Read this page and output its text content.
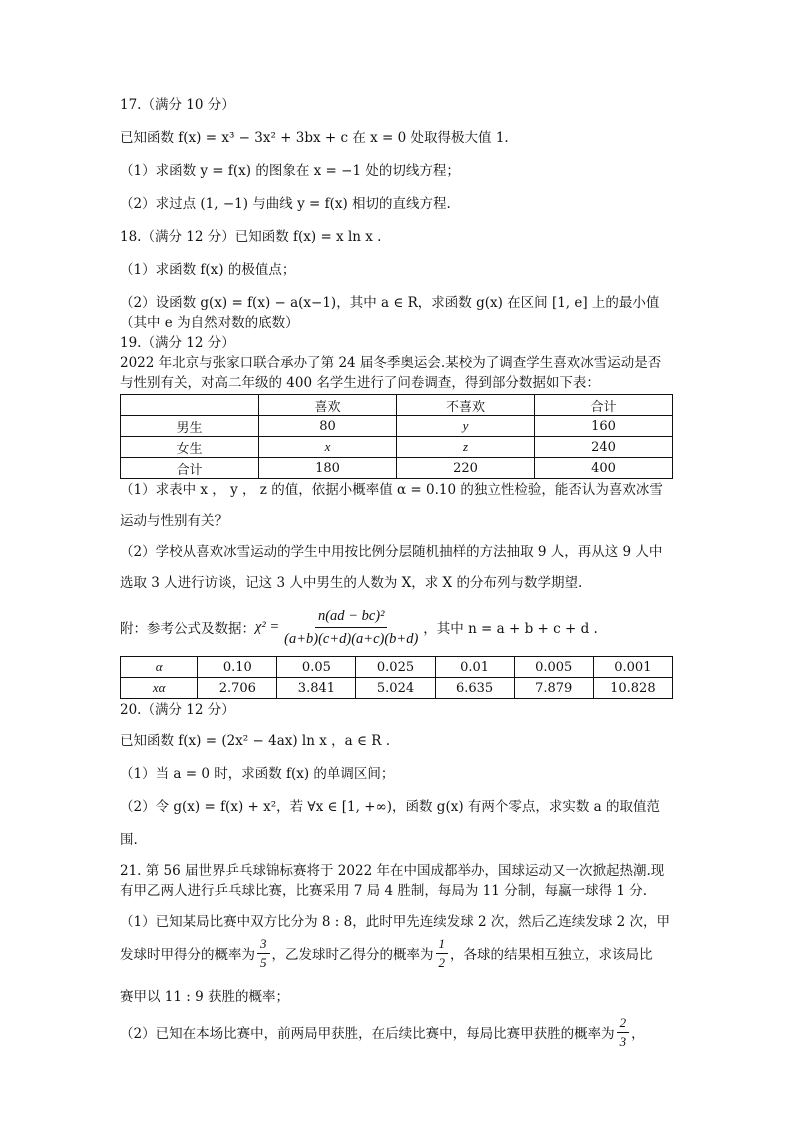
17.（满分 10 分）
已知函数 f(x) = x³ − 3x² + 3bx + c 在 x = 0 处取得极大值 1.
（1）求函数 y = f(x) 的图象在 x = −1 处的切线方程；
（2）求过点 (1, −1) 与曲线 y = f(x) 相切的直线方程.
18.（满分 12 分）已知函数 f(x) = x ln x .
（1）求函数 f(x) 的极值点；
（2）设函数 g(x) = f(x) − a(x−1)，其中 a ∈ R，求函数 g(x) 在区间 [1, e] 上的最小值
（其中 e 为自然对数的底数）
19.（满分 12 分）
2022 年北京与张家口联合承办了第 24 届冬季奥运会.某校为了调查学生喜欢冰雪运动是否
与性别有关，对高二年级的 400 名学生进行了问卷调查，得到部分数据如下表：
	喜欢	不喜欢	合计
男生	80	y	160
女生	x	z	240
合计	180	220	400
（1）求表中 x ， y ， z 的值，依据小概率值 α = 0.10 的独立性检验，能否认为喜欢冰雪
运动与性别有关？
（2）学校从喜欢冰雪运动的学生中用按比例分层随机抽样的方法抽取 9 人，再从这 9 人中
选取 3 人进行访谈，记这 3 人中男生的人数为 X，求 X 的分布列与数学期望.
附：参考公式及数据： $\chi^2 = \frac{\text{n(ad − bc)²}}{(a+b)(c+d)(a+c)(b+d)}$ ，其中 n = a + b + c + d .
α	0.10	0.05	0.025	0.01	0.005	0.001
xα	2.706	3.841	5.024	6.635	7.879	10.828
20.（满分 12 分）
已知函数 f(x) = (2x² − 4ax) ln x ，a ∈ R .
（1）当 a = 0 时，求函数 f(x) 的单调区间；
（2）令 g(x) = f(x) + x²，若 ∀x ∈ [1, +∞)，函数 g(x) 有两个零点，求实数 a 的取值范
围.
21. 第 56 届世界乒乓球锦标赛将于 2022 年在中国成都举办，国球运动又一次掀起热潮.现
有甲乙两人进行乒乓球比赛，比赛采用 7 局 4 胜制，每局为 11 分制，每赢一球得 1 分.
（1）已知某局比赛中双方比分为 8 : 8，此时甲先连续发球 2 次，然后乙连续发球 2 次，甲
发球时甲得分的概率为 $\frac{3}{5}$ ，乙发球时乙得分的概率为 $\frac{1}{2}$ ，各球的结果相互独立，求该局比
赛甲以 11 : 9 获胜的概率；
（2）已知在本场比赛中，前两局甲获胜，在后续比赛中，每局比赛甲获胜的概率为 $\frac{2}{3}$ ，
